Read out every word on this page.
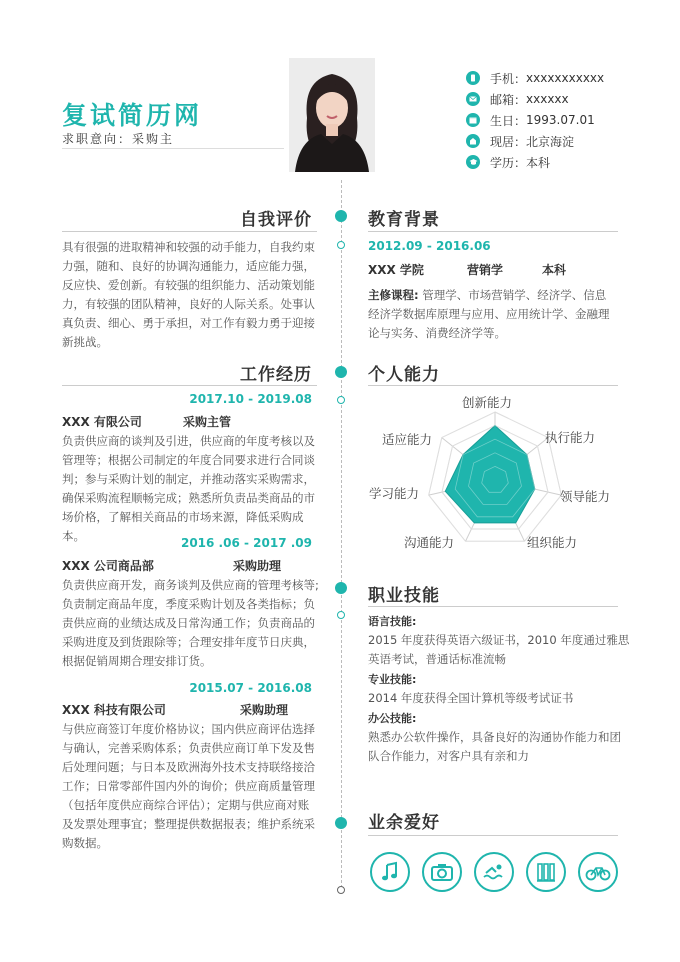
复试简历网
求职意向：采购主
手机： xxxxxxxxxxx
邮箱： xxxxxx
生日： 1993.07.01
现居： 北京海淀
学历： 本科
自我评价
具有很强的进取精神和较强的动手能力，自我约束
力强，随和、良好的协调沟通能力，适应能力强，
反应快、爱创新。有较强的组织能力、活动策划能
力，有较强的团队精神，良好的人际关系。处事认
真负责、细心、勇于承担，对工作有毅力勇于迎接
新挑战。
工作经历
2017.10 - 2019.08
XXX 有限公司	采购主管
负责供应商的谈判及引进，供应商的年度考核以及
管理等；根据公司制定的年度合同要求进行合同谈
判；参与采购计划的制定，并推动落实采购需求，
确保采购流程顺畅完成；熟悉所负责品类商品的市
场价格，了解相关商品的市场来源，降低采购成本。	2016 .06 - 2017 .09
XXX 公司商品部	采购助理
负责供应商开发，商务谈判及供应商的管理考核等;
负责制定商品年度，季度采购计划及各类指标；负
责供应商的业绩达成及日常沟通工作；负责商品的
采购进度及到货跟除等；合理安排年度节日庆典，
根据促销周期合理安排订货。
2015.07 - 2016.08
XXX 科技有限公司	采购助理
与供应商签订年度价格协议；国内供应商评估选择
与确认，完善采购体系；负责供应商订单下发及售
后处理问题；与日本及欧洲海外技术支持联络接洽
工作；日常零部件国内外的询价；供应商质量管理
（包括年度供应商综合评估）；定期与供应商对账
及发票处理事宜；整理提供数据报表；维护系统采
购数据。
教育背景
2012.09 - 2016.06
XXX 学院	营销学	本科
主修课程: 管理学、市场营销学、经济学、信息
经济学数据库原理与应用、应用统计学、金融理
论与实务、消费经济学等。
个人能力
创新能力
执行能力
领导能力
组织能力
沟通能力
学习能力
适应能力
职业技能
语言技能:
2015 年度获得英语六级证书，2010 年度通过雅思
英语考试，普通话标准流畅
专业技能:
2014 年度获得全国计算机等级考试证书
办公技能:
熟悉办公软件操作，具备良好的沟通协作能力和团
队合作能力，对客户具有亲和力
业余爱好
